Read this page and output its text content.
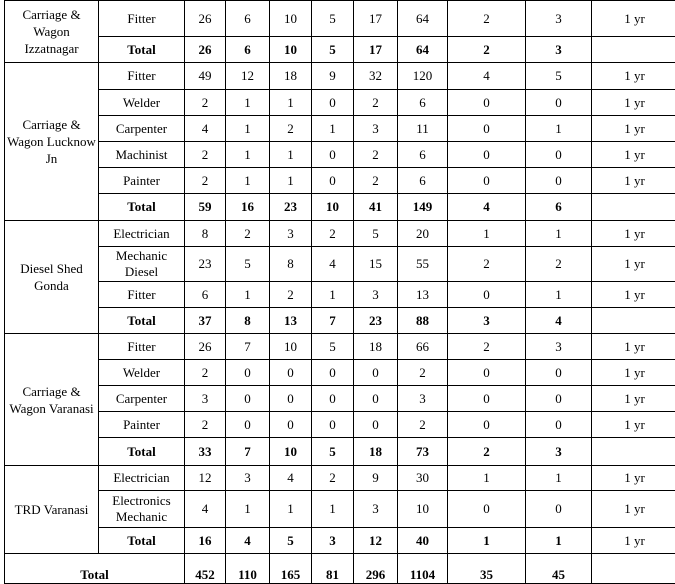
Carriage & Wagon Izzatnagar	Fitter	26	6	10	5	17	64	2	3	1 yr
	Total	26	6	10	5	17	64	2	3	
Carriage & Wagon Lucknow Jn	Fitter	49	12	18	9	32	120	4	5	1 yr
	Welder	2	1	1	0	2	6	0	0	1 yr
	Carpenter	4	1	2	1	3	11	0	1	1 yr
	Machinist	2	1	1	0	2	6	0	0	1 yr
	Painter	2	1	1	0	2	6	0	0	1 yr
	Total	59	16	23	10	41	149	4	6	
Diesel Shed Gonda	Electrician	8	2	3	2	5	20	1	1	1 yr
	Mechanic Diesel	23	5	8	4	15	55	2	2	1 yr
	Fitter	6	1	2	1	3	13	0	1	1 yr
	Total	37	8	13	7	23	88	3	4	
Carriage & Wagon Varanasi	Fitter	26	7	10	5	18	66	2	3	1 yr
	Welder	2	0	0	0	0	2	0	0	1 yr
	Carpenter	3	0	0	0	0	3	0	0	1 yr
	Painter	2	0	0	0	0	2	0	0	1 yr
	Total	33	7	10	5	18	73	2	3	
TRD Varanasi	Electrician	12	3	4	2	9	30	1	1	1 yr
	Electronics Mechanic	4	1	1	1	3	10	0	0	1 yr
	Total	16	4	5	3	12	40	1	1	1 yr
Total		452	110	165	81	296	1104	35	45	
